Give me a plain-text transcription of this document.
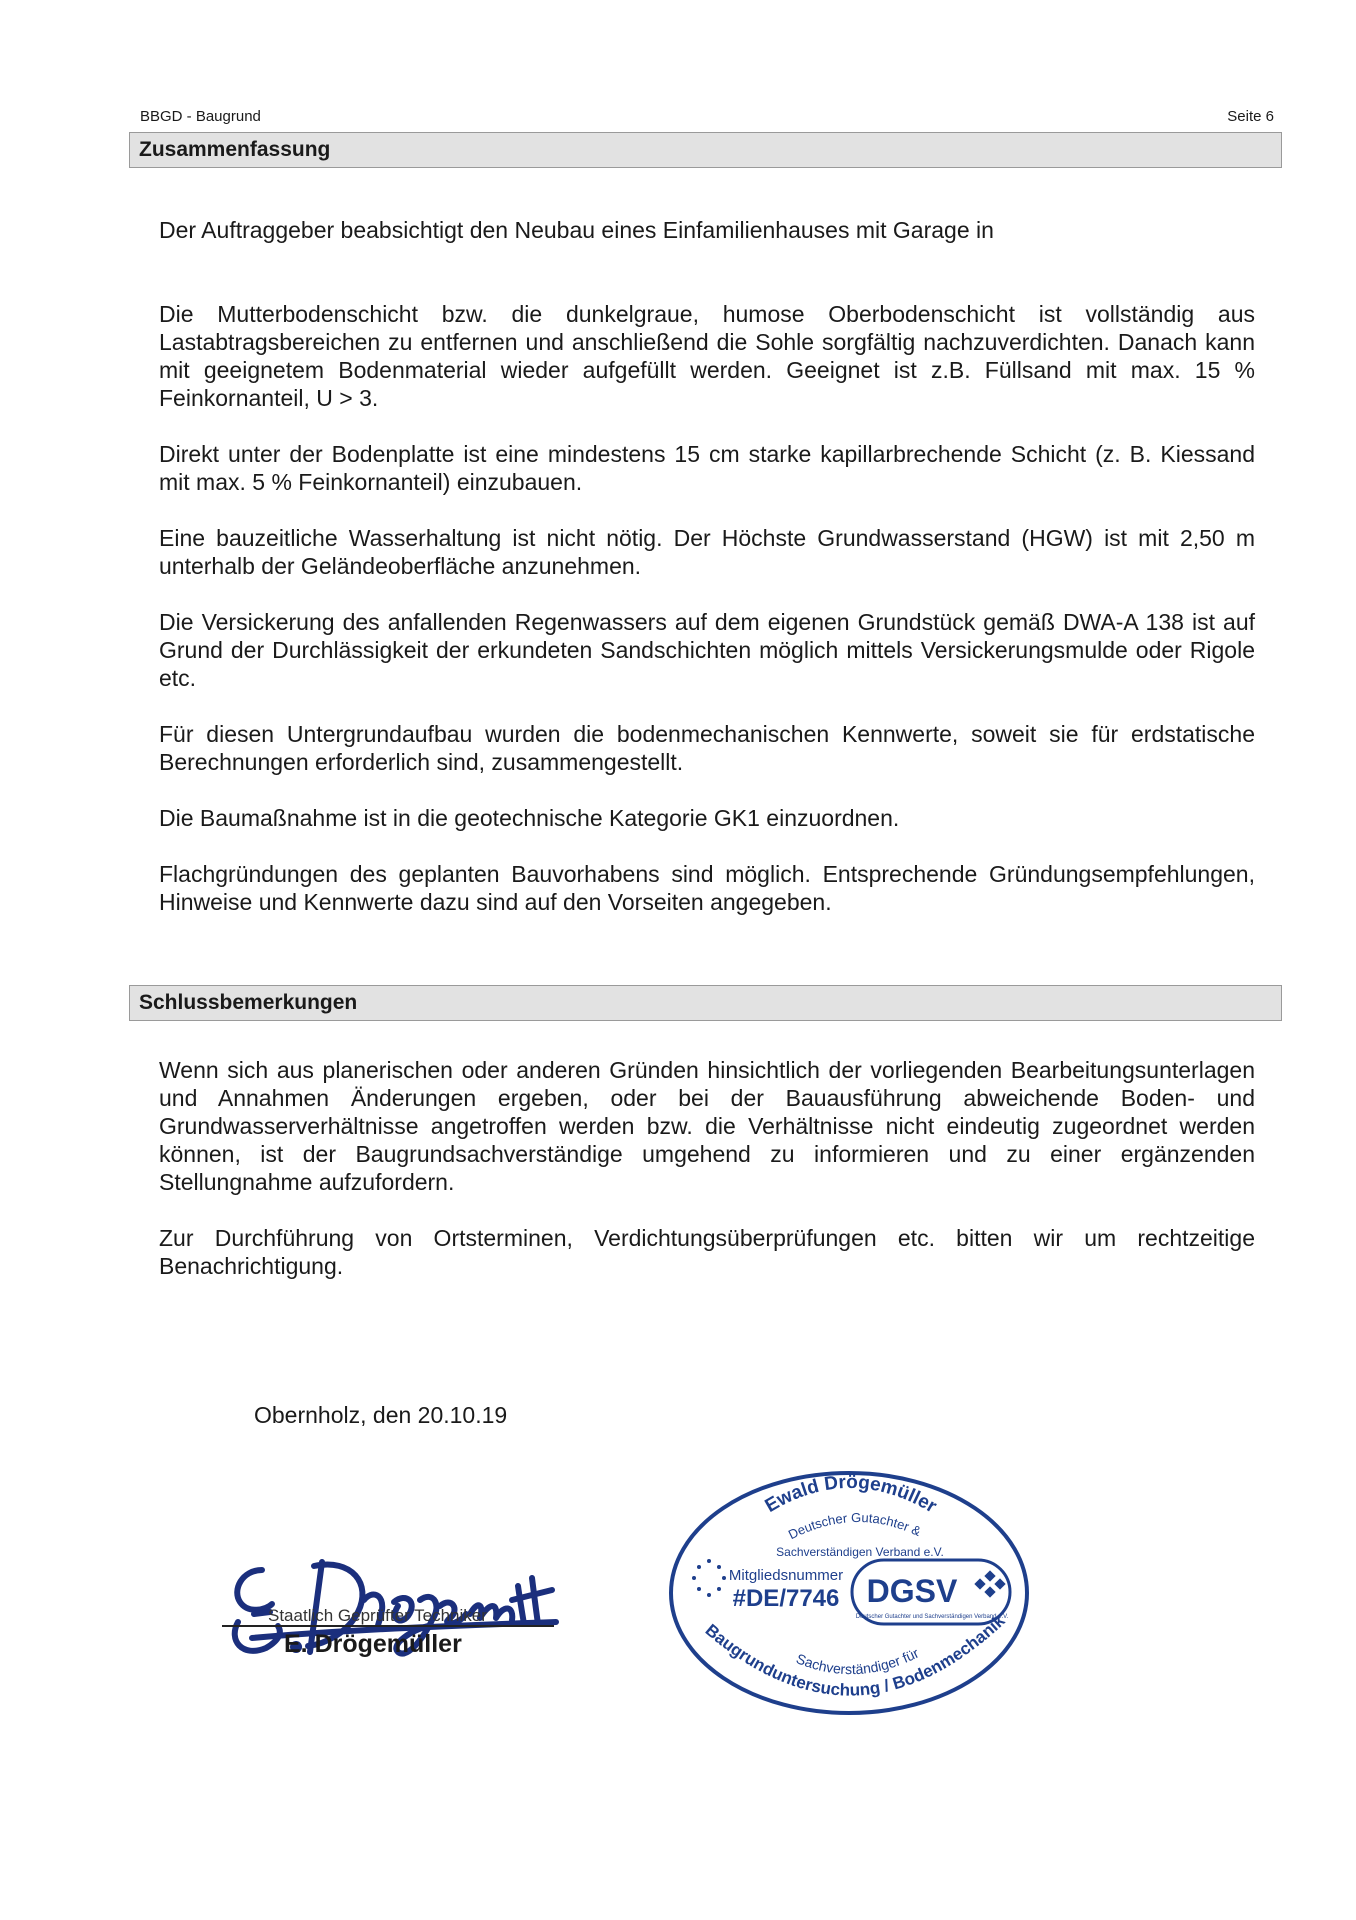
BBGD - Baugrund	Seite 6
Zusammenfassung

Der Auftraggeber beabsichtigt den Neubau eines Einfamilienhauses mit Garage in

Die Mutterbodenschicht bzw. die dunkelgraue, humose Oberbodenschicht ist vollständig aus Lastabtragsbereichen zu entfernen und anschließend die Sohle sorgfältig nachzuverdichten. Danach kann mit geeignetem Bodenmaterial wieder aufgefüllt werden. Geeignet ist z.B. Füllsand mit max. 15 % Feinkornanteil, U > 3.

Direkt unter der Bodenplatte ist eine mindestens 15 cm starke kapillarbrechende Schicht (z. B. Kiessand mit max. 5 % Feinkornanteil) einzubauen.

Eine bauzeitliche Wasserhaltung ist nicht nötig. Der Höchste Grundwasserstand (HGW) ist mit 2,50 m unterhalb der Geländeoberfläche anzunehmen.

Die Versickerung des anfallenden Regenwassers auf dem eigenen Grundstück gemäß DWA-A 138 ist auf Grund der Durchlässigkeit der erkundeten Sandschichten möglich mittels Versickerungsmulde oder Rigole etc.

Für diesen Untergrundaufbau wurden die bodenmechanischen Kennwerte, soweit sie für erdstatische Berechnungen erforderlich sind, zusammengestellt.

Die Baumaßnahme ist in die geotechnische Kategorie GK1 einzuordnen.

Flachgründungen des geplanten Bauvorhabens sind möglich. Entsprechende Gründungsempfehlungen, Hinweise und Kennwerte dazu sind auf den Vorseiten angegeben.

Schlussbemerkungen

Wenn sich aus planerischen oder anderen Gründen hinsichtlich der vorliegenden Bearbeitungsunterlagen und Annahmen Änderungen ergeben, oder bei der Bauausführung abweichende Boden- und Grundwasserverhältnisse angetroffen werden bzw. die Verhältnisse nicht eindeutig zugeordnet werden können, ist der Baugrundsachverständige umgehend zu informieren und zu einer ergänzenden Stellungnahme aufzufordern.

Zur Durchführung von Ortsterminen, Verdichtungsüberprüfungen etc. bitten wir um rechtzeitige Benachrichtigung.

Obernholz, den 20.10.19
Staatlich Geprüfter Techniker
E. Drögemüller
Ewald Drögemüller
Deutscher Gutachter &
Sachverständigen Verband e.V.
Mitgliedsnummer
#DE/7746 DGSV
Deutscher Gutachter und Sachverständigen Verband e.V.
Sachverständiger für
Baugrunduntersuchung / Bodenmechanik
